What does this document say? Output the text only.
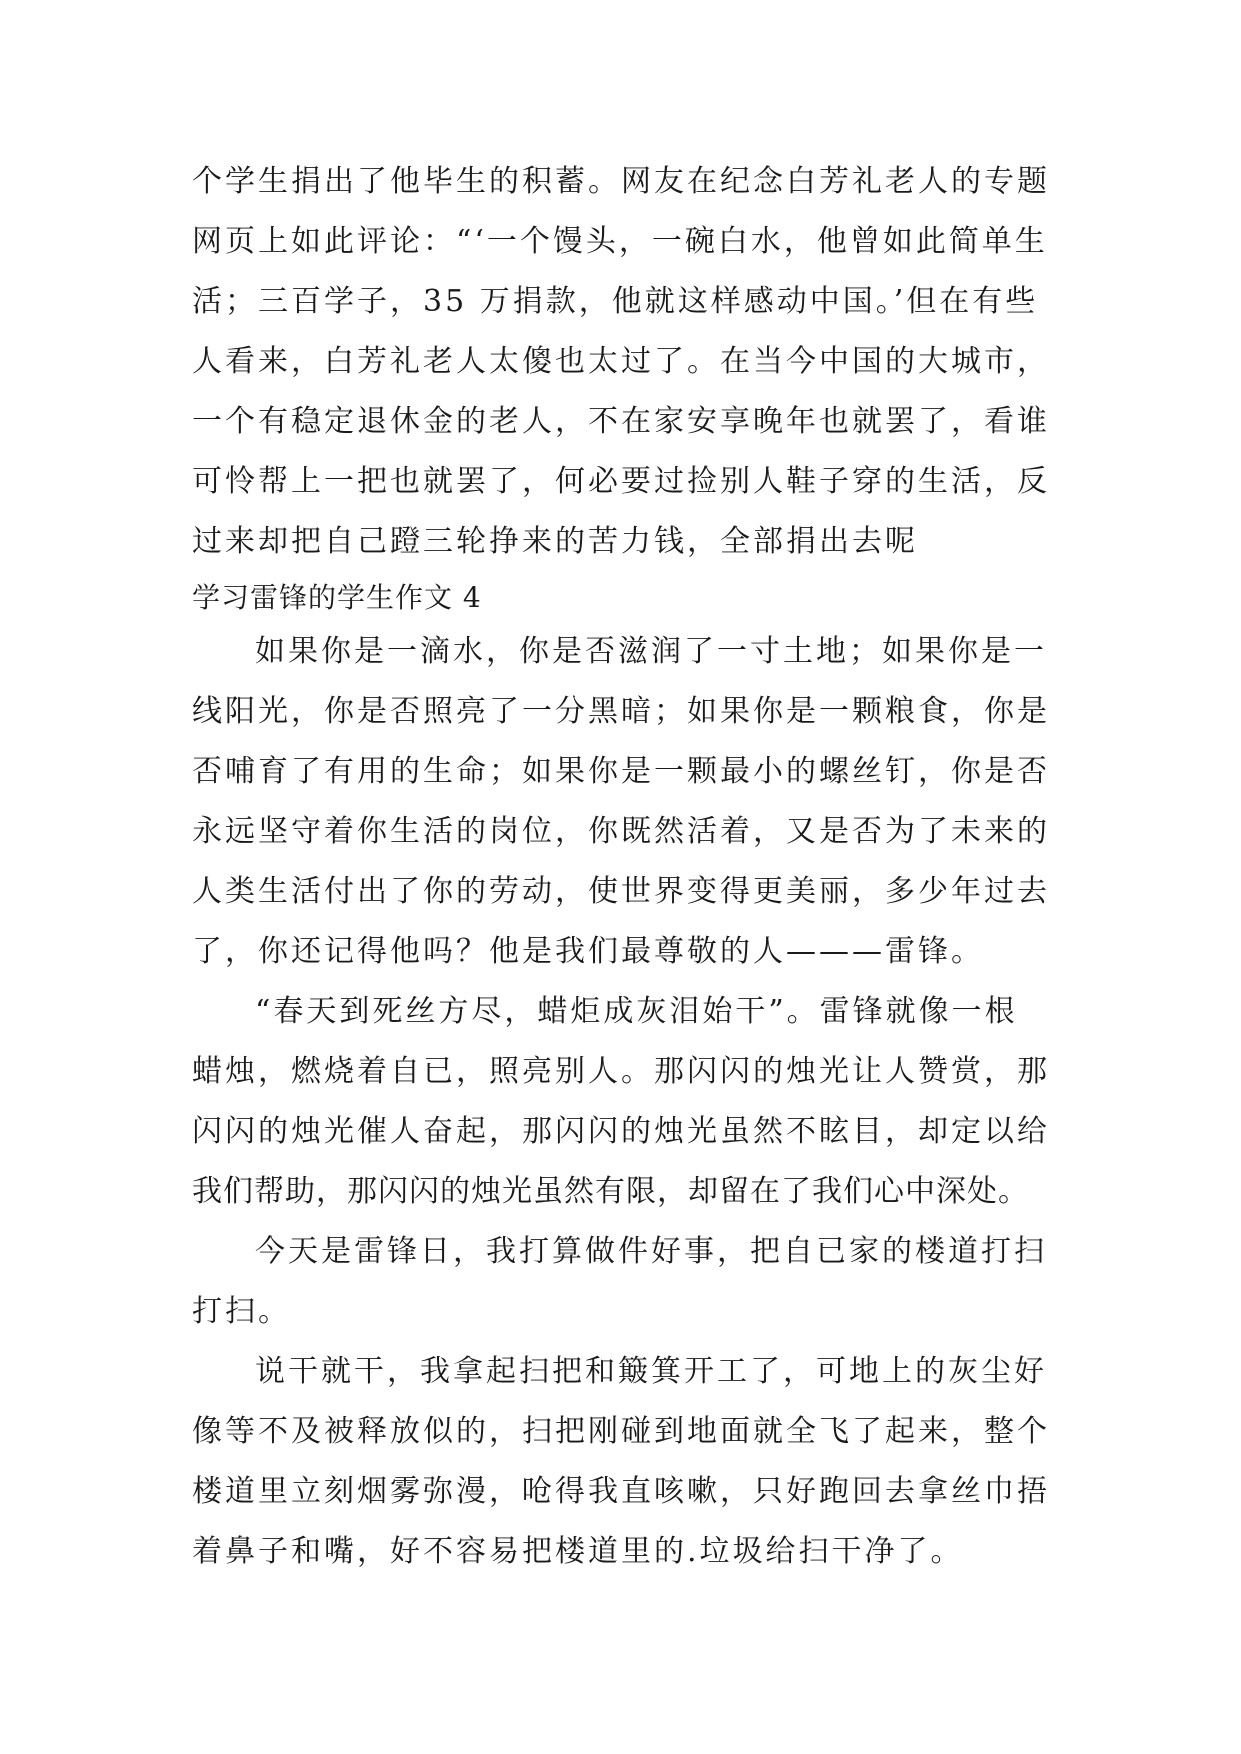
个学生捐出了他毕生的积蓄。网友在纪念白芳礼老人的专题
网页上如此评论：“‘一个馒头，一碗白水，他曾如此简单生
活；三百学子，35 万捐款，他就这样感动中国。’但在有些
人看来，白芳礼老人太傻也太过了。在当今中国的大城市，
一个有稳定退休金的老人，不在家安享晚年也就罢了，看谁
可怜帮上一把也就罢了，何必要过捡别人鞋子穿的生活，反
过来却把自己蹬三轮挣来的苦力钱，全部捐出去呢
学习雷锋的学生作文 4
如果你是一滴水，你是否滋润了一寸土地；如果你是一
线阳光，你是否照亮了一分黑暗；如果你是一颗粮食，你是
否哺育了有用的生命；如果你是一颗最小的螺丝钉，你是否
永远坚守着你生活的岗位，你既然活着，又是否为了未来的
人类生活付出了你的劳动，使世界变得更美丽，多少年过去
了，你还记得他吗？他是我们最尊敬的人———雷锋。
“春天到死丝方尽，蜡炬成灰泪始干”。雷锋就像一根
蜡烛，燃烧着自已，照亮别人。那闪闪的烛光让人赞赏，那
闪闪的烛光催人奋起，那闪闪的烛光虽然不眩目，却定以给
我们帮助，那闪闪的烛光虽然有限，却留在了我们心中深处。
今天是雷锋日，我打算做件好事，把自已家的楼道打扫
打扫。
说干就干，我拿起扫把和簸箕开工了，可地上的灰尘好
像等不及被释放似的，扫把刚碰到地面就全飞了起来，整个
楼道里立刻烟雾弥漫，呛得我直咳嗽，只好跑回去拿丝巾捂
着鼻子和嘴，好不容易把楼道里的.垃圾给扫干净了。
